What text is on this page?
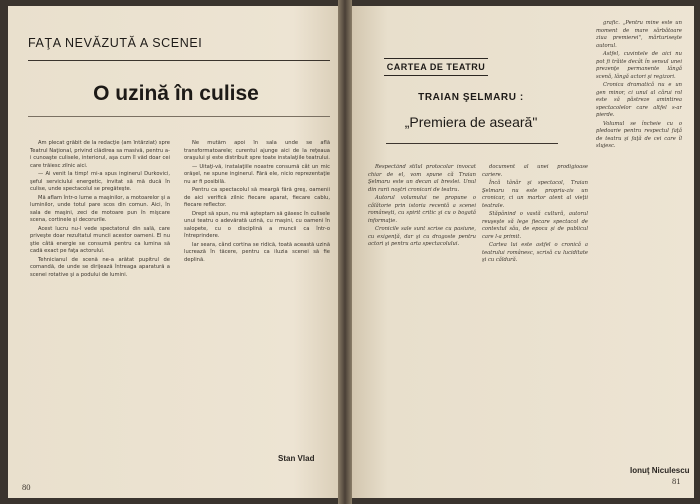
FAŢA NEVĂZUTĂ A SCENEI
O uzină în culise

Am plecat grăbit de la redacţie (am întârziat) spre Teatrul Naţional, privind clădirea sa masivă, pentru a-i cunoaşte culisele, interiorul, aşa cum îl văd doar cei care trăiesc zilnic aici.

— Ai venit la timp! mi-a spus inginerul Durkovici, şeful serviciului energetic, invitat să mă ducă în culise, unde spectacolul se pregăteşte.

Mă aflam într-o lume a maşinilor, a motoarelor şi a luminilor, unde totul pare scos din comun. Aici, în sala de maşini, zeci de motoare pun în mişcare scena, cortinele şi decorurile.

Acest lucru nu-l vede spectatorul din sală, care priveşte doar rezultatul muncii acestor oameni. El nu ştie câtă energie se consumă pentru ca lumina să cadă exact pe faţa actorului.

Tehnicianul de scenă ne-a arătat pupitrul de comandă, de unde se dirijează întreaga aparatură a scenei rotative şi a podului de lumini.

Ne mutăm apoi în sala unde se află transformatoarele; curentul ajunge aici de la reţeaua oraşului şi este distribuit spre toate instalaţiile teatrului.

— Uitaţi-vă, instalaţiile noastre consumă cât un mic orăşel, ne spune inginerul. Fără ele, nicio reprezentaţie nu ar fi posibilă.

Pentru ca spectacolul să meargă fără greş, oamenii de aici verifică zilnic fiecare aparat, fiecare cablu, fiecare reflector.

Drept să spun, nu mă aşteptam să găsesc în culisele unui teatru o adevărată uzină, cu maşini, cu oameni în salopete, cu o disciplină a muncii ca într-o întreprindere.

Iar seara, când cortina se ridică, toată această uzină lucrează în tăcere, pentru ca iluzia scenei să fie deplină.

Stan Vlad
80
CARTEA DE TEATRU
TRAIAN ŞELMARU :
„Premiera de aseară"

Respectând stilul protocolar invocat chiar de el, vom spune că Traian Şelmaru este un decan al breslei. Unul din rarii noştri cronicari de teatru.

Autorul volumului ne propune o călătorie prin istoria recentă a scenei româneşti, cu spirit critic şi cu o bogată informaţie.

Cronicile sale sunt scrise cu pasiune, cu exigenţă, dar şi cu dragoste pentru actori şi pentru arta spectacolului.

document al unei prodigioase cariere.

Încă tânăr şi spectacol, Traian Şelmaru nu este propriu-zis un cronicar, ci un martor atent al vieţii teatrale.

Stăpânind o vastă cultură, autorul reuşeşte să lege fiecare spectacol de contextul său, de epoca şi de publicul care l-a primit.

Cartea lui este astfel o cronică a teatrului românesc, scrisă cu luciditate şi cu căldură.

grafic. „Pentru mine este un moment de mare sărbătoare ziua premierei", mărturiseşte autorul.

Astfel, cuvintele de aici nu pot fi trăite decât în sensul unei prezenţe permanente lângă scenă, lângă actori şi regizori.

Cronica dramatică nu e un gen minor, ci unul al cărui rol este să păstreze amintirea spectacolelor care altfel s-ar pierde.

Volumul se încheie cu o pledoarie pentru respectul faţă de teatru şi faţă de cei care îl slujesc.

Ionuţ Niculescu
81
